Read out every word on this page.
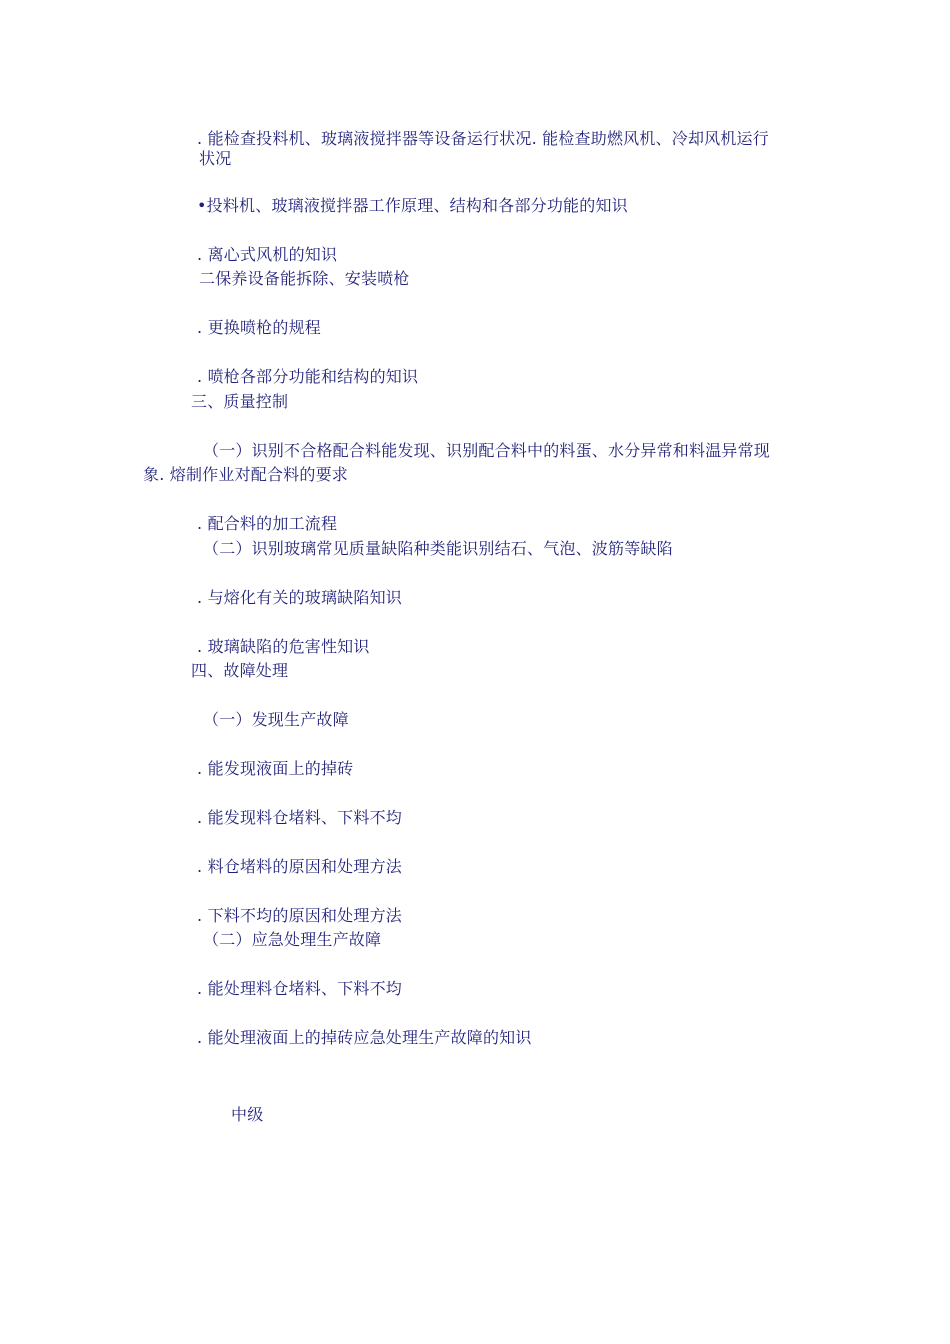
. 能检查投料机、玻璃液搅拌器等设备运行状况. 能检查助燃风机、冷却风机运行
状况
•投料机、玻璃液搅拌器工作原理、结构和各部分功能的知识
. 离心式风机的知识
二保养设备能拆除、安装喷枪
. 更换喷枪的规程
. 喷枪各部分功能和结构的知识
三、质量控制
（一）识别不合格配合料能发现、识别配合料中的料蛋、水分异常和料温异常现
象. 熔制作业对配合料的要求
. 配合料的加工流程
（二）识别玻璃常见质量缺陷种类能识别结石、气泡、波筋等缺陷
. 与熔化有关的玻璃缺陷知识
. 玻璃缺陷的危害性知识
四、故障处理
（一）发现生产故障
. 能发现液面上的掉砖
. 能发现料仓堵料、下料不均
. 料仓堵料的原因和处理方法
. 下料不均的原因和处理方法
（二）应急处理生产故障
. 能处理料仓堵料、下料不均
. 能处理液面上的掉砖应急处理生产故障的知识
中级
